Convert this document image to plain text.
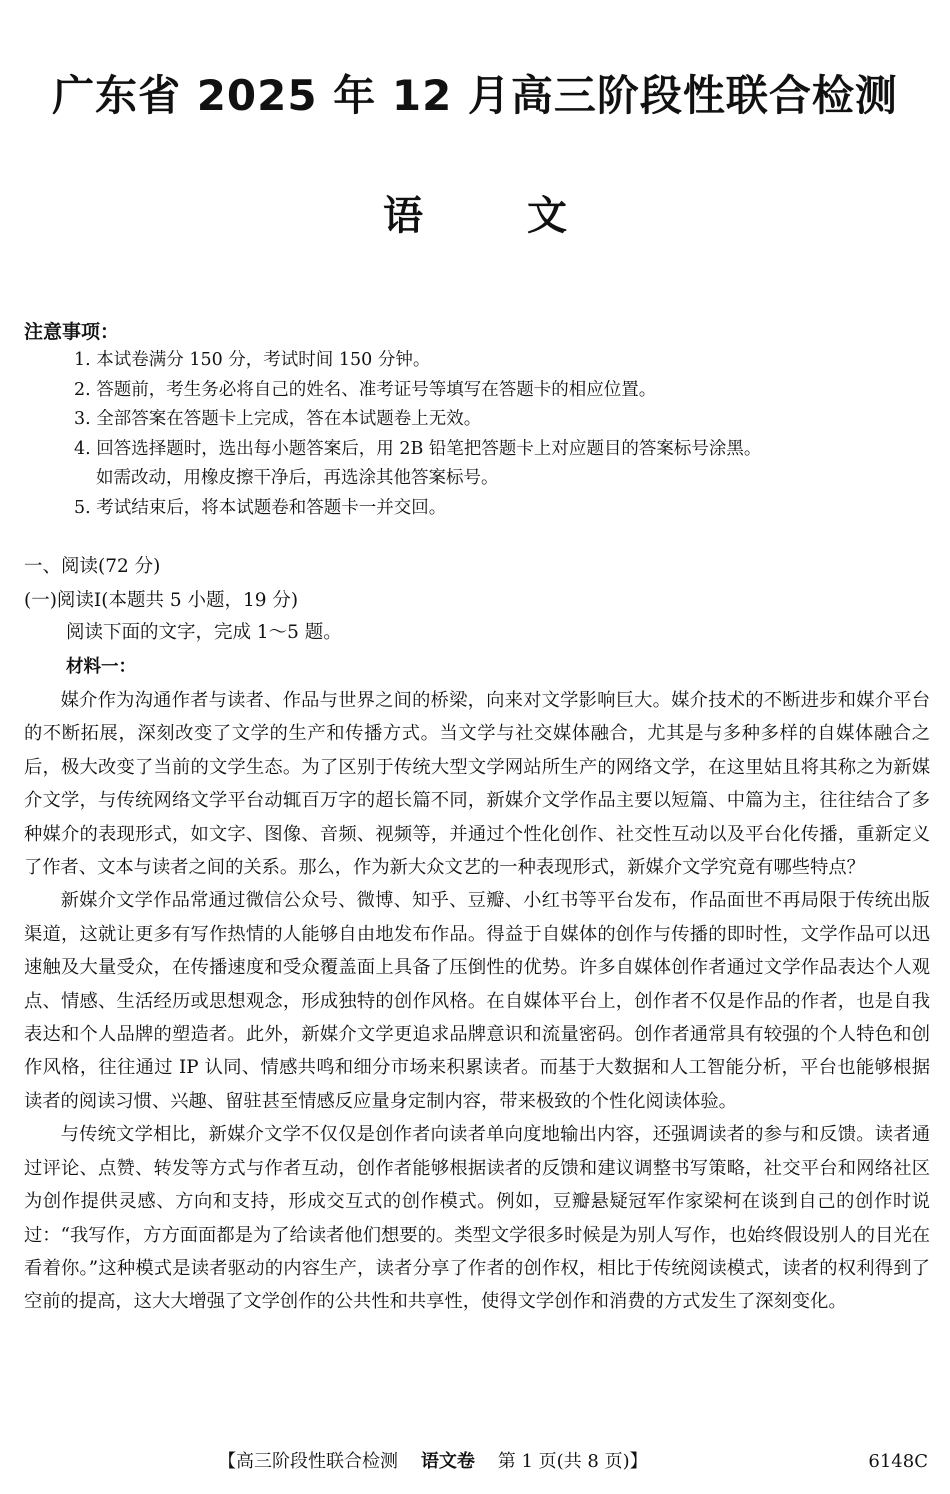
广东省 2025 年 12 月高三阶段性联合检测
语 文
注意事项：
1. 本试卷满分 150 分，考试时间 150 分钟。
2. 答题前，考生务必将自己的姓名、准考证号等填写在答题卡的相应位置。
3. 全部答案在答题卡上完成，答在本试题卷上无效。
4. 回答选择题时，选出每小题答案后，用 2B 铅笔把答题卡上对应题目的答案标号涂黑。
如需改动，用橡皮擦干净后，再选涂其他答案标号。
5. 考试结束后，将本试题卷和答题卡一并交回。
一、阅读(72 分)
(一)阅读Ⅰ(本题共 5 小题，19 分)
阅读下面的文字，完成 1～5 题。
材料一：

媒介作为沟通作者与读者、作品与世界之间的桥梁，向来对文学影响巨大。媒介技术的不断进步和媒介平台的不断拓展，深刻改变了文学的生产和传播方式。当文学与社交媒体融合，尤其是与多种多样的自媒体融合之后，极大改变了当前的文学生态。为了区别于传统大型文学网站所生产的网络文学，在这里姑且将其称之为新媒介文学，与传统网络文学平台动辄百万字的超长篇不同，新媒介文学作品主要以短篇、中篇为主，往往结合了多种媒介的表现形式，如文字、图像、音频、视频等，并通过个性化创作、社交性互动以及平台化传播，重新定义了作者、文本与读者之间的关系。那么，作为新大众文艺的一种表现形式，新媒介文学究竟有哪些特点？

新媒介文学作品常通过微信公众号、微博、知乎、豆瓣、小红书等平台发布，作品面世不再局限于传统出版渠道，这就让更多有写作热情的人能够自由地发布作品。得益于自媒体的创作与传播的即时性，文学作品可以迅速触及大量受众，在传播速度和受众覆盖面上具备了压倒性的优势。许多自媒体创作者通过文学作品表达个人观点、情感、生活经历或思想观念，形成独特的创作风格。在自媒体平台上，创作者不仅是作品的作者，也是自我表达和个人品牌的塑造者。此外，新媒介文学更追求品牌意识和流量密码。创作者通常具有较强的个人特色和创作风格，往往通过 IP 认同、情感共鸣和细分市场来积累读者。而基于大数据和人工智能分析，平台也能够根据读者的阅读习惯、兴趣、留驻甚至情感反应量身定制内容，带来极致的个性化阅读体验。

与传统文学相比，新媒介文学不仅仅是创作者向读者单向度地输出内容，还强调读者的参与和反馈。读者通过评论、点赞、转发等方式与作者互动，创作者能够根据读者的反馈和建议调整书写策略，社交平台和网络社区为创作提供灵感、方向和支持，形成交互式的创作模式。例如，豆瓣悬疑冠军作家梁柯在谈到自己的创作时说过：“我写作，方方面面都是为了给读者他们想要的。类型文学很多时候是为别人写作，也始终假设别人的目光在看着你。”这种模式是读者驱动的内容生产，读者分享了作者的创作权，相比于传统阅读模式，读者的权利得到了空前的提高，这大大增强了文学创作的公共性和共享性，使得文学创作和消费的方式发生了深刻变化。

【高三阶段性联合检测 语文卷 第 1 页(共 8 页)】	6148C
